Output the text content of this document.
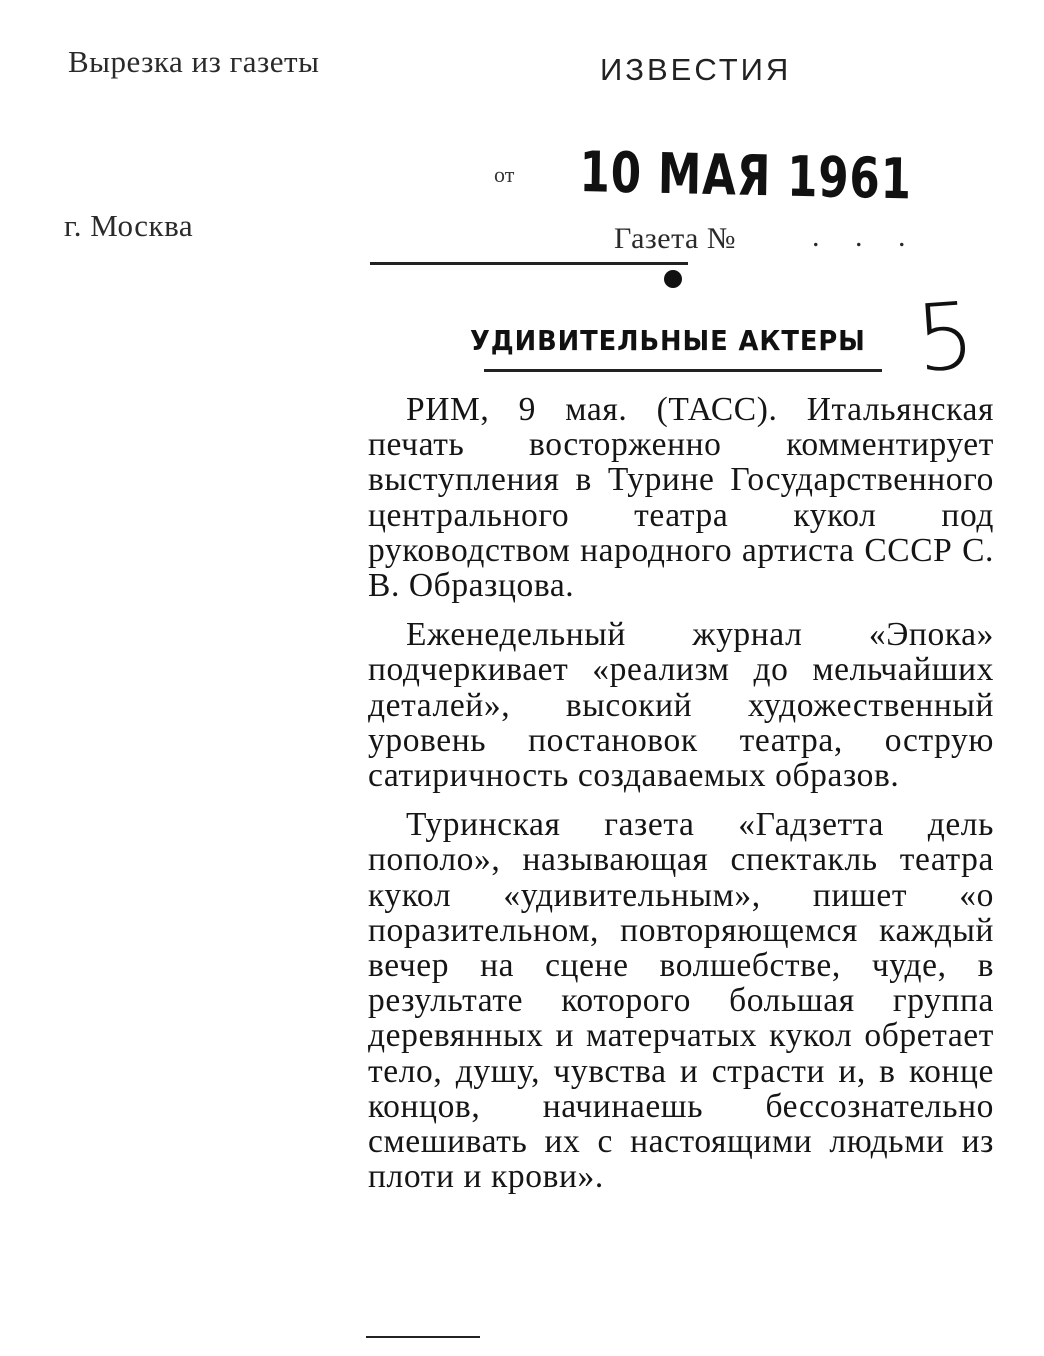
Вырезка из газеты	ИЗВЕСТИЯ
от 10 МАЯ 1961
г. Москва	Газета №	. . .
УДИВИТЕЛЬНЫЕ АКТЕРЫ 5

РИМ, 9 мая. (ТАСС). Итальянская печать восторженно комментирует выступления в Турине Государственного центрального театра кукол под руководством народного артиста СССР С. В. Образцова.

Еженедельный журнал «Эпока» подчеркивает «реализм до мельчайших деталей», высокий художественный уровень постановок театра, острую сатиричность создаваемых образов.

Туринская газета «Гадзетта дель пополо», называющая спектакль театра кукол «удивительным», пишет «о поразительном, повторяющемся каждый вечер на сцене волшебстве, чуде, в результате которого большая группа деревянных и матерчатых кукол обретает тело, душу, чувства и страсти и, в конце концов, начинаешь бессознательно смешивать их с настоящими людьми из плоти и крови».
